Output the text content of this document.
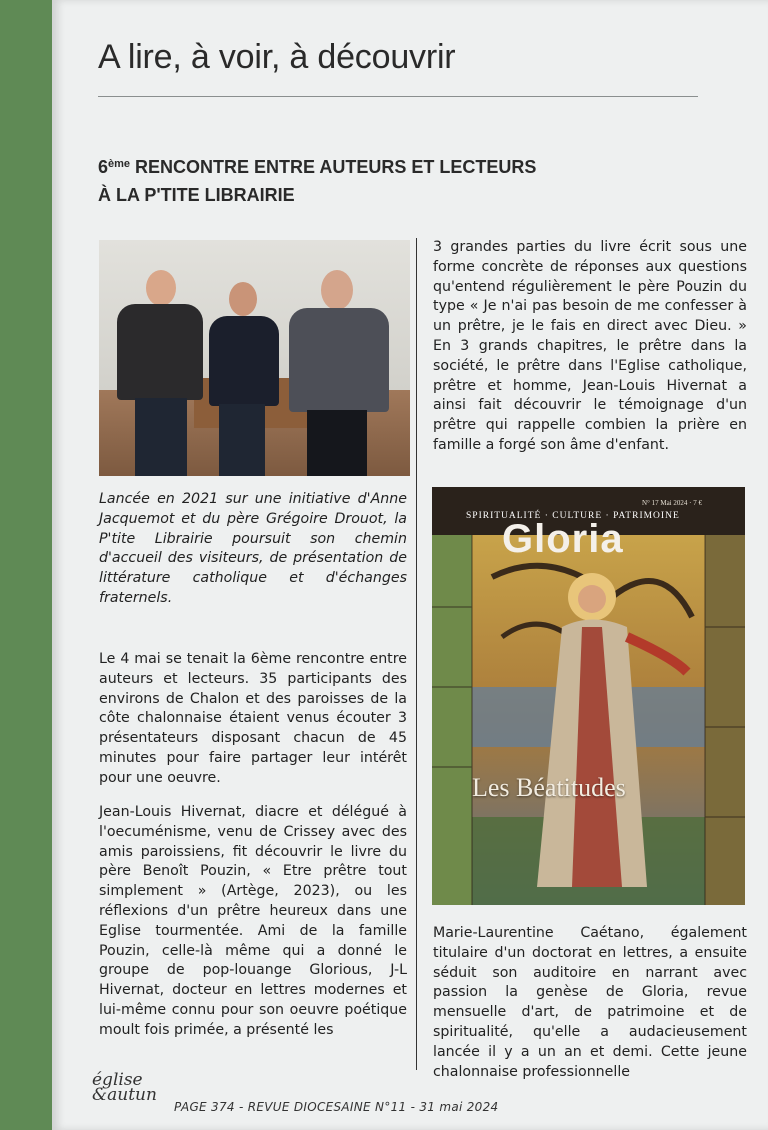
A lire, à voir, à découvrir
6ème RENCONTRE ENTRE AUTEURS ET LECTEURS
À LA P'TITE LIBRAIRIE

Lancée en 2021 sur une initiative d'Anne Jacquemot et du père Grégoire Drouot, la P'tite Librairie poursuit son chemin d'accueil des visiteurs, de présentation de littérature catholique et d'échanges fraternels.

Le 4 mai se tenait la 6ème rencontre entre auteurs et lecteurs. 35 participants des environs de Chalon et des paroisses de la côte chalonnaise étaient venus écouter 3 présentateurs disposant chacun de 45 minutes pour faire partager leur intérêt pour une oeuvre.

Jean-Louis Hivernat, diacre et délégué à l'oecuménisme, venu de Crissey avec des amis paroissiens, fit découvrir le livre du père Benoît Pouzin, « Etre prêtre tout simplement » (Artège, 2023), ou les réflexions d'un prêtre heureux dans une Eglise tourmentée. Ami de la famille Pouzin, celle-là même qui a donné le groupe de pop-louange Glorious, J-L Hivernat, docteur en lettres modernes et lui-même connu pour son oeuvre poétique moult fois primée, a présenté les

3 grandes parties du livre écrit sous une forme concrète de réponses aux questions qu'entend régulièrement le père Pouzin du type « Je n'ai pas besoin de me confesser à un prêtre, je le fais en direct avec Dieu. » En 3 grands chapitres, le prêtre dans la société, le prêtre dans l'Eglise catholique, prêtre et homme, Jean-Louis Hivernat a ainsi fait découvrir le témoignage d'un prêtre qui rappelle combien la prière en famille a forgé son âme d'enfant.

N° 17 Mai 2024 · 7 €
SPIRITUALITÉ · CULTURE · PATRIMOINE
Gloria
Les Béatitudes

Marie-Laurentine Caétano, également titulaire d'un doctorat en lettres, a ensuite séduit son auditoire en narrant avec passion la genèse de Gloria, revue mensuelle d'art, de patrimoine et de spiritualité, qu'elle a audacieusement lancée il y a un an et demi. Cette jeune chalonnaise professionnelle

église
&autun
PAGE 374 - REVUE DIOCESAINE N°11 - 31 mai 2024
